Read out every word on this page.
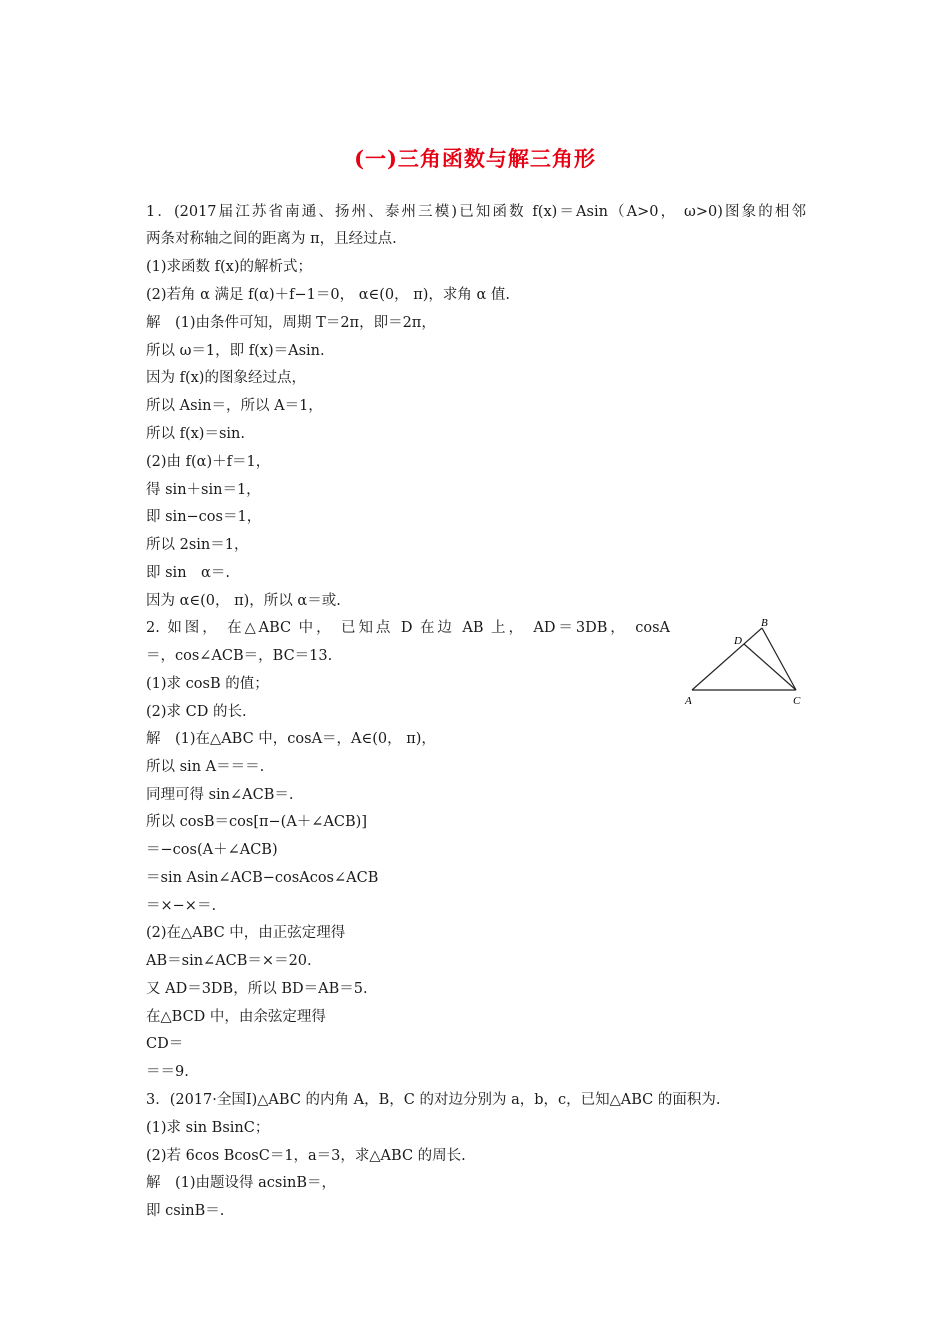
(一)三角函数与解三角形
1．(2017届江苏省南通、扬州、泰州三模)已知函数 f(x)＝Asin（A>0， ω>0)图象的相邻
两条对称轴之间的距离为 π，且经过点.
(1)求函数 f(x)的解析式；
(2)若角 α 满足 f(α)＋f−1＝0， α∈(0， π)，求角 α 值.
解　(1)由条件可知，周期 T＝2π，即＝2π，
所以 ω＝1，即 f(x)＝Asin.
因为 f(x)的图象经过点，
所以 Asin＝，所以 A＝1，
所以 f(x)＝sin.
(2)由 f(α)＋f＝1，
得 sin＋sin＝1，
即 sin−cos＝1，
所以 2sin＝1，
即 sin　α＝.
因为 α∈(0， π)，所以 α＝或.
2. 如图， 在△ABC 中， 已知点 D 在边 AB 上， AD＝3DB， cosA
＝，cos∠ACB＝，BC＝13.
(1)求 cosB 的值；
(2)求 CD 的长.
解　(1)在△ABC 中，cosA＝，A∈(0， π)，
所以 sin A＝＝＝.
同理可得 sin∠ACB＝.
所以 cosB＝cos[π−(A＋∠ACB)]
＝−cos(A＋∠ACB)
＝sin Asin∠ACB−cosAcos∠ACB
＝×−×＝.
(2)在△ABC 中，由正弦定理得
AB＝sin∠ACB＝×＝20.
又 AD＝3DB，所以 BD＝AB＝5.
在△BCD 中，由余弦定理得
CD＝
＝＝9.
3．(2017·全国Ⅰ)△ABC 的内角 A，B，C 的对边分别为 a，b，c，已知△ABC 的面积为.
(1)求 sin BsinC；
(2)若 6cos BcosC＝1，a＝3，求△ABC 的周长.
解　(1)由题设得 acsinB＝，
即 csinB＝.
A
B
C
D
